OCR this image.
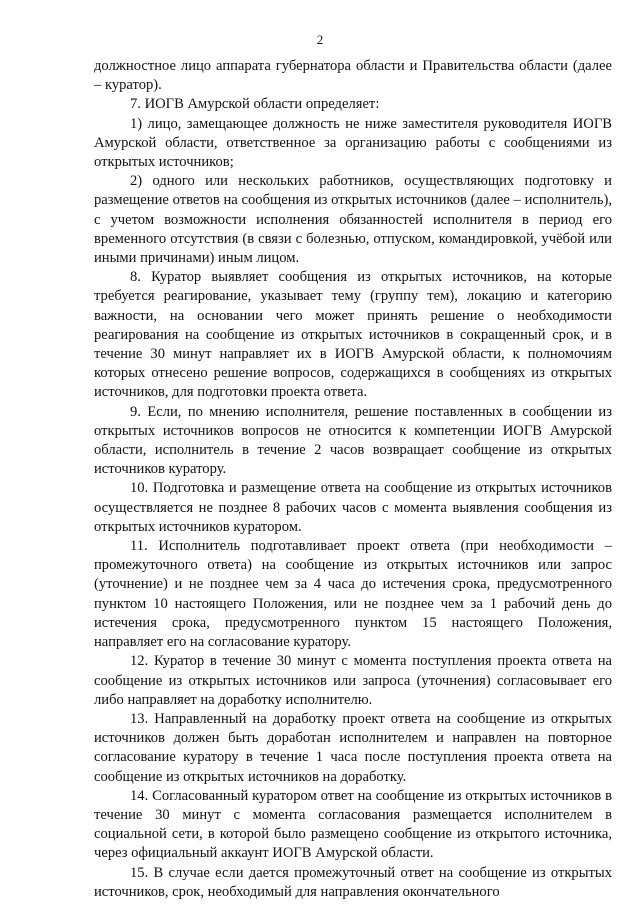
2

должностное лицо аппарата губернатора области и Правительства области (далее – куратор).

7. ИОГВ Амурской области определяет:

1) лицо, замещающее должность не ниже заместителя руководителя ИОГВ Амурской области, ответственное за организацию работы с сообщениями из открытых источников;

2) одного или нескольких работников, осуществляющих подготовку и размещение ответов на сообщения из открытых источников (далее – исполнитель), с учетом возможности исполнения обязанностей исполнителя в период его временного отсутствия (в связи с болезнью, отпуском, командировкой, учёбой или иными причинами) иным лицом.

8. Куратор выявляет сообщения из открытых источников, на которые требуется реагирование, указывает тему (группу тем), локацию и категорию важности, на основании чего может принять решение о необходимости реагирования на сообщение из открытых источников в сокращенный срок, и в течение 30 минут направляет их в ИОГВ Амурской области, к полномочиям которых отнесено решение вопросов, содержащихся в сообщениях из открытых источников, для подготовки проекта ответа.

9. Если, по мнению исполнителя, решение поставленных в сообщении из открытых источников вопросов не относится к компетенции ИОГВ Амурской области, исполнитель в течение 2 часов возвращает сообщение из открытых источников куратору.

10. Подготовка и размещение ответа на сообщение из открытых источников осуществляется не позднее 8 рабочих часов с момента выявления сообщения из открытых источников куратором.

11. Исполнитель подготавливает проект ответа (при необходимости – промежуточного ответа) на сообщение из открытых источников или запрос (уточнение) и не позднее чем за 4 часа до истечения срока, предусмотренного пунктом 10 настоящего Положения, или не позднее чем за 1 рабочий день до истечения срока, предусмотренного пунктом 15 настоящего Положения, направляет его на согласование куратору.

12. Куратор в течение 30 минут с момента поступления проекта ответа на сообщение из открытых источников или запроса (уточнения) согласовывает его либо направляет на доработку исполнителю.

13. Направленный на доработку проект ответа на сообщение из открытых источников должен быть доработан исполнителем и направлен на повторное согласование куратору в течение 1 часа после поступления проекта ответа на сообщение из открытых источников на доработку.

14. Согласованный куратором ответ на сообщение из открытых источников в течение 30 минут с момента согласования размещается исполнителем в социальной сети, в которой было размещено сообщение из открытого источника, через официальный аккаунт ИОГВ Амурской области.

15. В случае если дается промежуточный ответ на сообщение из открытых источников, срок, необходимый для направления окончательного
